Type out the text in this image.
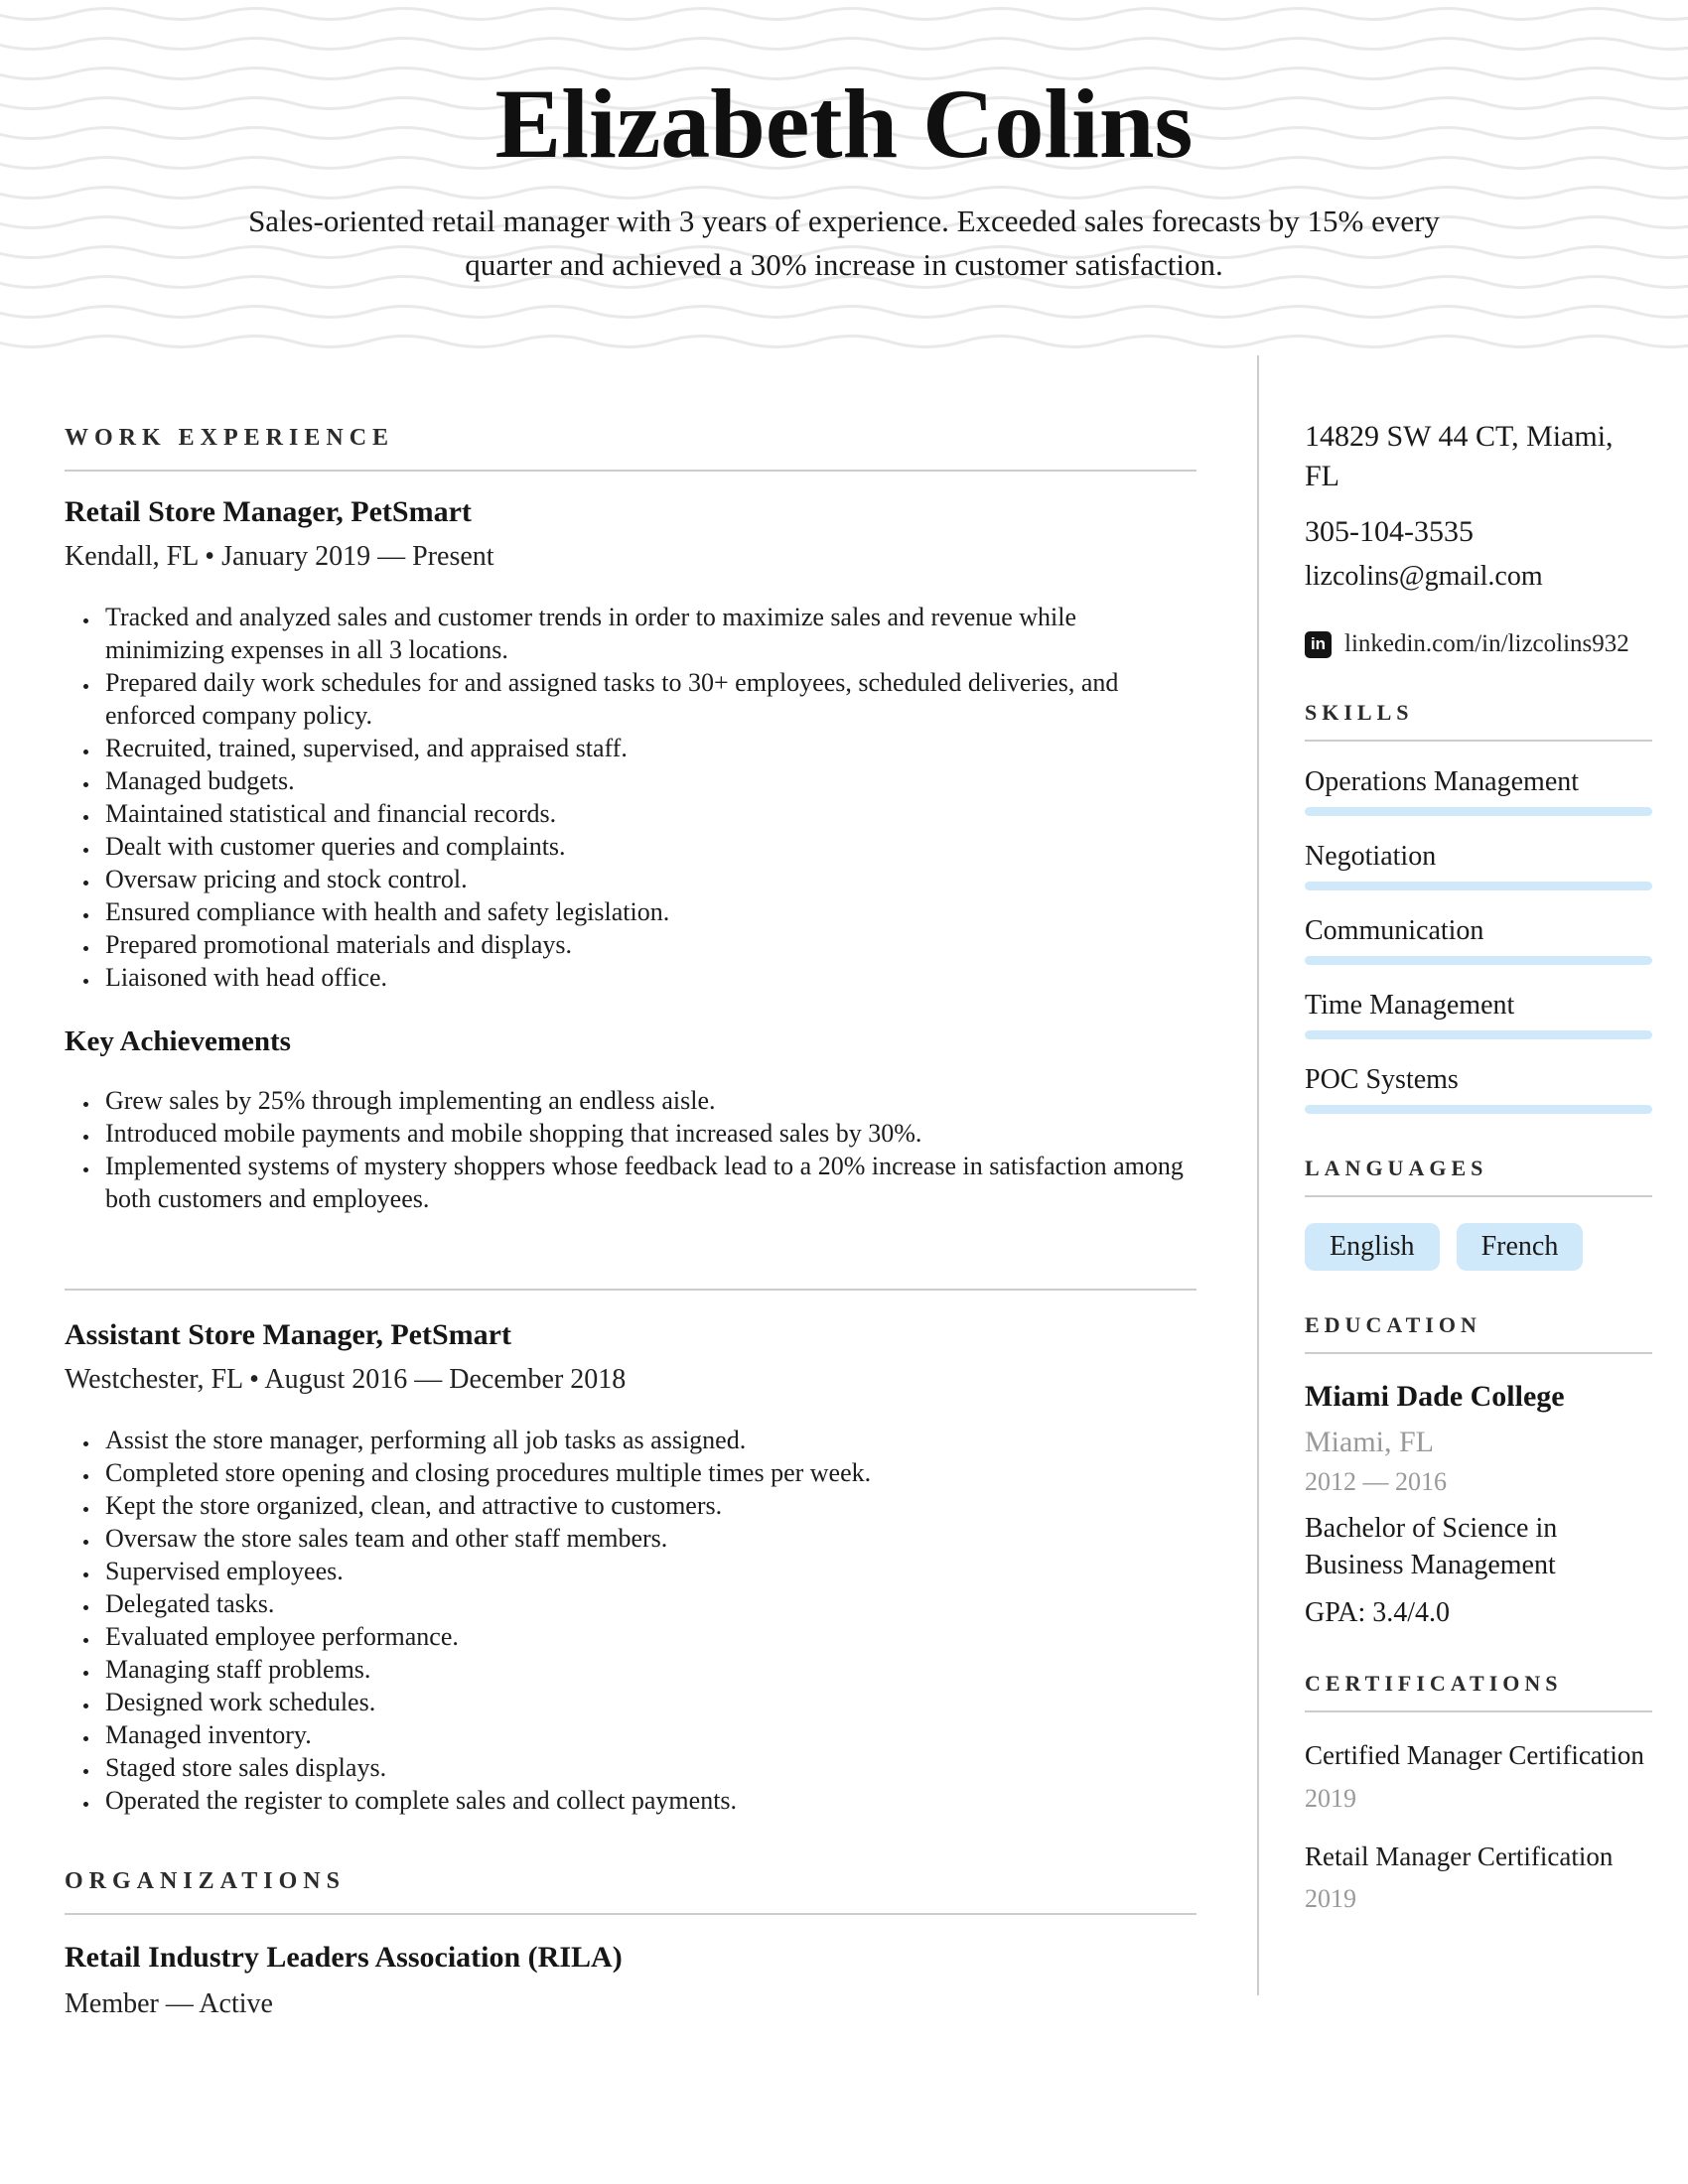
Elizabeth Colins

Sales-oriented retail manager with 3 years of experience. Exceeded sales forecasts by 15% every quarter and achieved a 30% increase in customer satisfaction.

WORK EXPERIENCE
Retail Store Manager, PetSmart

Kendall, FL • January 2019 — Present

• Tracked and analyzed sales and customer trends in order to maximize sales and revenue while minimizing expenses in all 3 locations.
• Prepared daily work schedules for and assigned tasks to 30+ employees, scheduled deliveries, and enforced company policy.
• Recruited, trained, supervised, and appraised staff.
• Managed budgets.
• Maintained statistical and financial records.
• Dealt with customer queries and complaints.
• Oversaw pricing and stock control.
• Ensured compliance with health and safety legislation.
• Prepared promotional materials and displays.
• Liaisoned with head office.
Key Achievements
• Grew sales by 25% through implementing an endless aisle.
• Introduced mobile payments and mobile shopping that increased sales by 30%.
• Implemented systems of mystery shoppers whose feedback lead to a 20% increase in satisfaction among both customers and employees.
Assistant Store Manager, PetSmart

Westchester, FL • August 2016 — December 2018

• Assist the store manager, performing all job tasks as assigned.
• Completed store opening and closing procedures multiple times per week.
• Kept the store organized, clean, and attractive to customers.
• Oversaw the store sales team and other staff members.
• Supervised employees.
• Delegated tasks.
• Evaluated employee performance.
• Managing staff problems.
• Designed work schedules.
• Managed inventory.
• Staged store sales displays.
• Operated the register to complete sales and collect payments.
ORGANIZATIONS
Retail Industry Leaders Association (RILA)

Member — Active

14829 SW 44 CT, Miami, FL

305-104-3535

lizcolins@gmail.com

in linkedin.com/in/lizcolins932
SKILLS
Operations Management
Negotiation
Communication
Time Management
POC Systems
LANGUAGES
English	French
EDUCATION
Miami Dade College

Miami, FL

2012 — 2016

Bachelor of Science in Business Management

GPA: 3.4/4.0

CERTIFICATIONS

Certified Manager Certification

2019

Retail Manager Certification

2019
